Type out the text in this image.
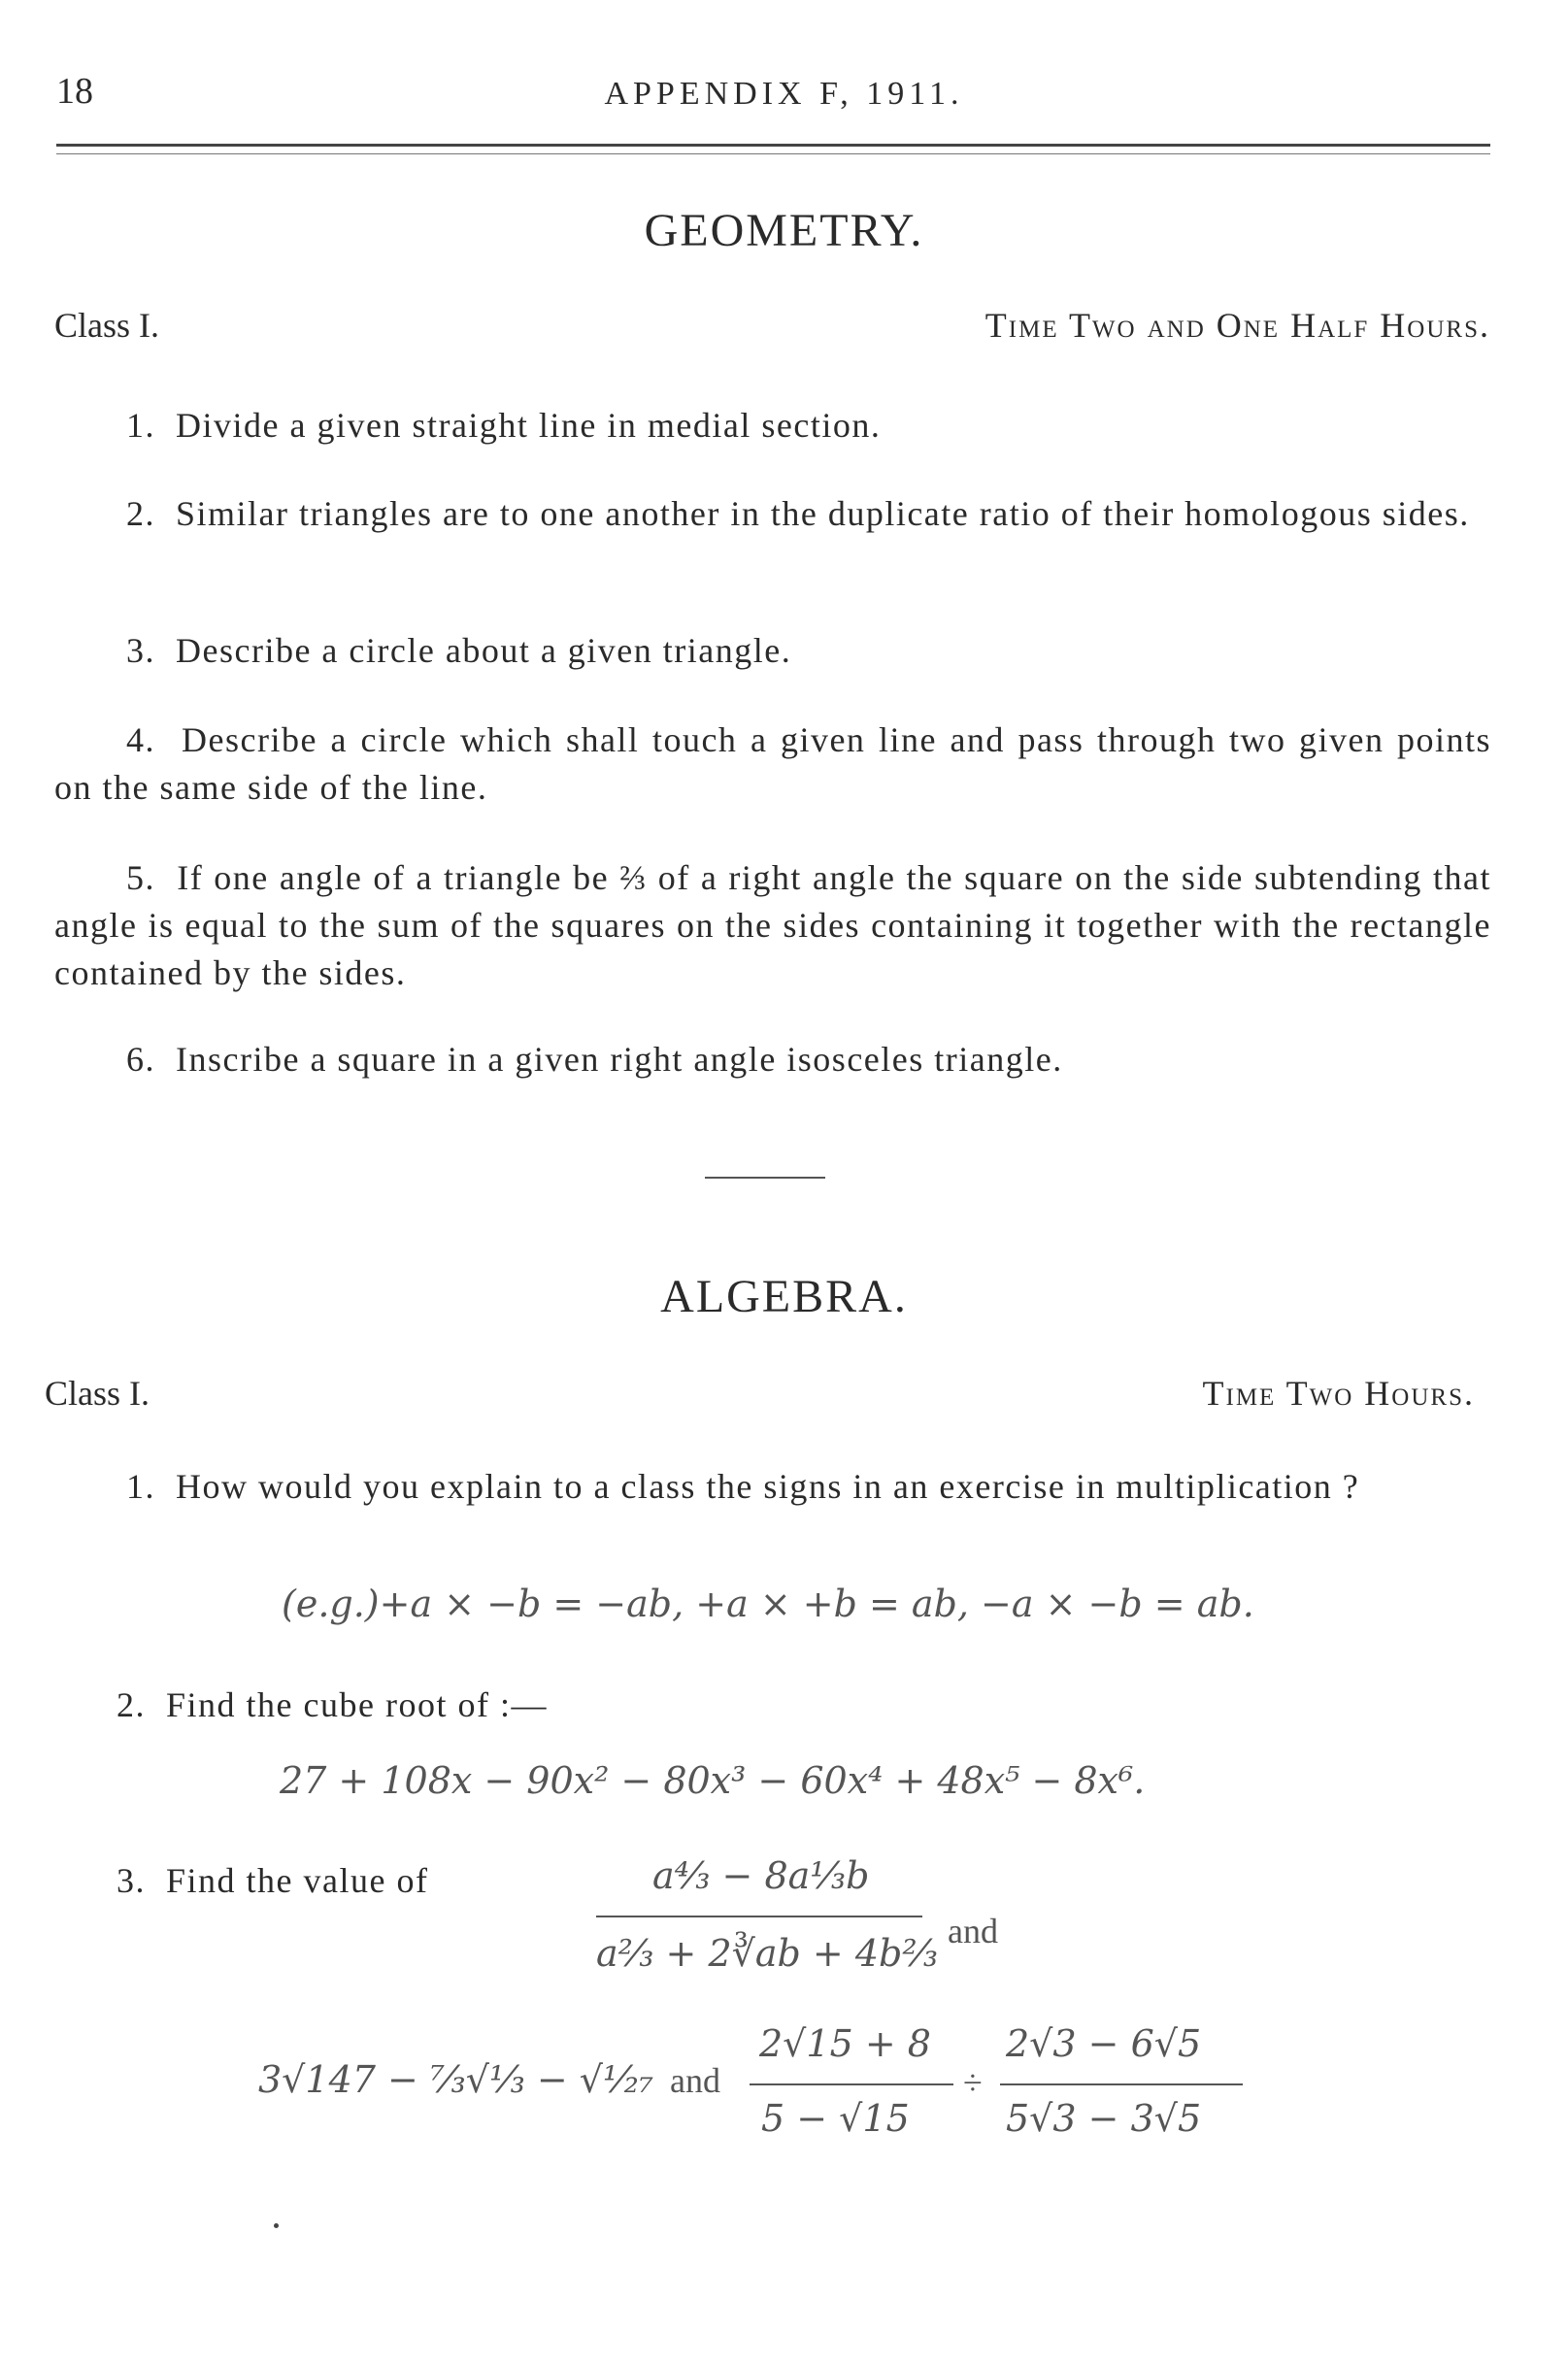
18	APPENDIX F, 1911.
GEOMETRY.
Class I.	Time Two and One Half Hours.
1. Divide a given straight line in medial section.
2. Similar triangles are to one another in the duplicate ratio of their homologous sides.
3. Describe a circle about a given triangle.
4. Describe a circle which shall touch a given line and pass through two given points on the same side of the line.
5. If one angle of a triangle be ⅔ of a right angle the square on the side subtending that angle is equal to the sum of the squares on the sides containing it together with the rectangle contained by the sides.
6. Inscribe a square in a given right angle isosceles triangle.
ALGEBRA.
Class I.	Time Two Hours.
1. How would you explain to a class the signs in an exercise in multiplication ?
(e.g.)+a × −b = −ab, +a × +b = ab, −a × −b = ab.
2. Find the cube root of :—
27 + 108x − 90x² − 80x³ − 60x⁴ + 48x⁵ − 8x⁶.
3. Find the value of	a⁴⁄₃ − 8a¹⁄₃b
a²⁄₃ + 2∛ab + 4b²⁄₃
and
3√147 − ⁷⁄₃√⅓ − √¹⁄₂₇ and
2√15 + 8
5 − √15
÷
2√3 − 6√5
5√3 − 3√5
